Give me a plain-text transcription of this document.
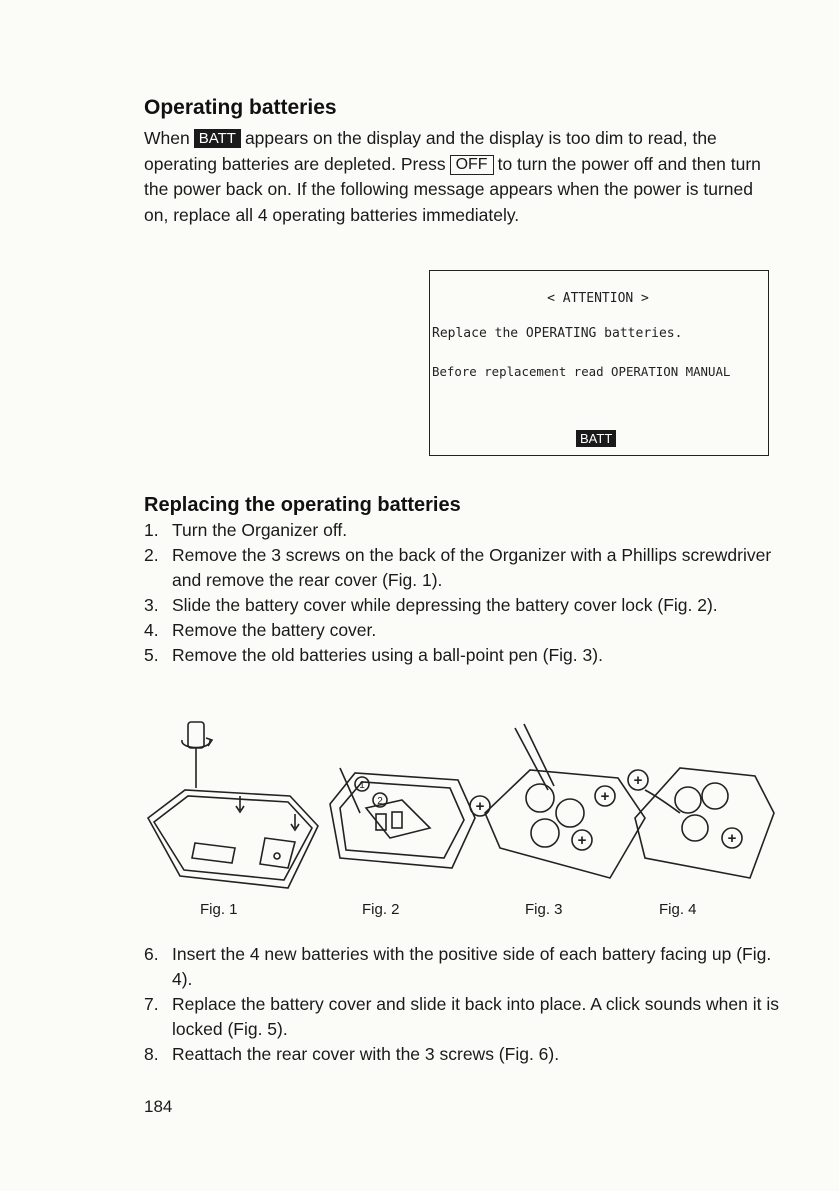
Operating batteries
When BATT appears on the display and the display is too dim to read, the operating batteries are depleted. Press OFF to turn the power off and then turn the power back on. If the following message appears when the power is turned on, replace all 4 operating batteries immediately.
< ATTENTION >
Replace the OPERATING batteries.
Before replacement read OPERATION MANUAL
BATT
Replacing the operating batteries
1. Turn the Organizer off.
2. Remove the 3 screws on the back of the Organizer with a Phillips screwdriver and remove the rear cover (Fig. 1).
3. Slide the battery cover while depressing the battery cover lock (Fig. 2).
4. Remove the battery cover.
5. Remove the old batteries using a ball-point pen (Fig. 3).
1
2	+
+
+
+
+
Fig. 1	Fig. 2	Fig. 3	Fig. 4
6. Insert the 4 new batteries with the positive side of each battery facing up (Fig. 4).
7. Replace the battery cover and slide it back into place. A click sounds when it is locked (Fig. 5).
8. Reattach the rear cover with the 3 screws (Fig. 6).
184
